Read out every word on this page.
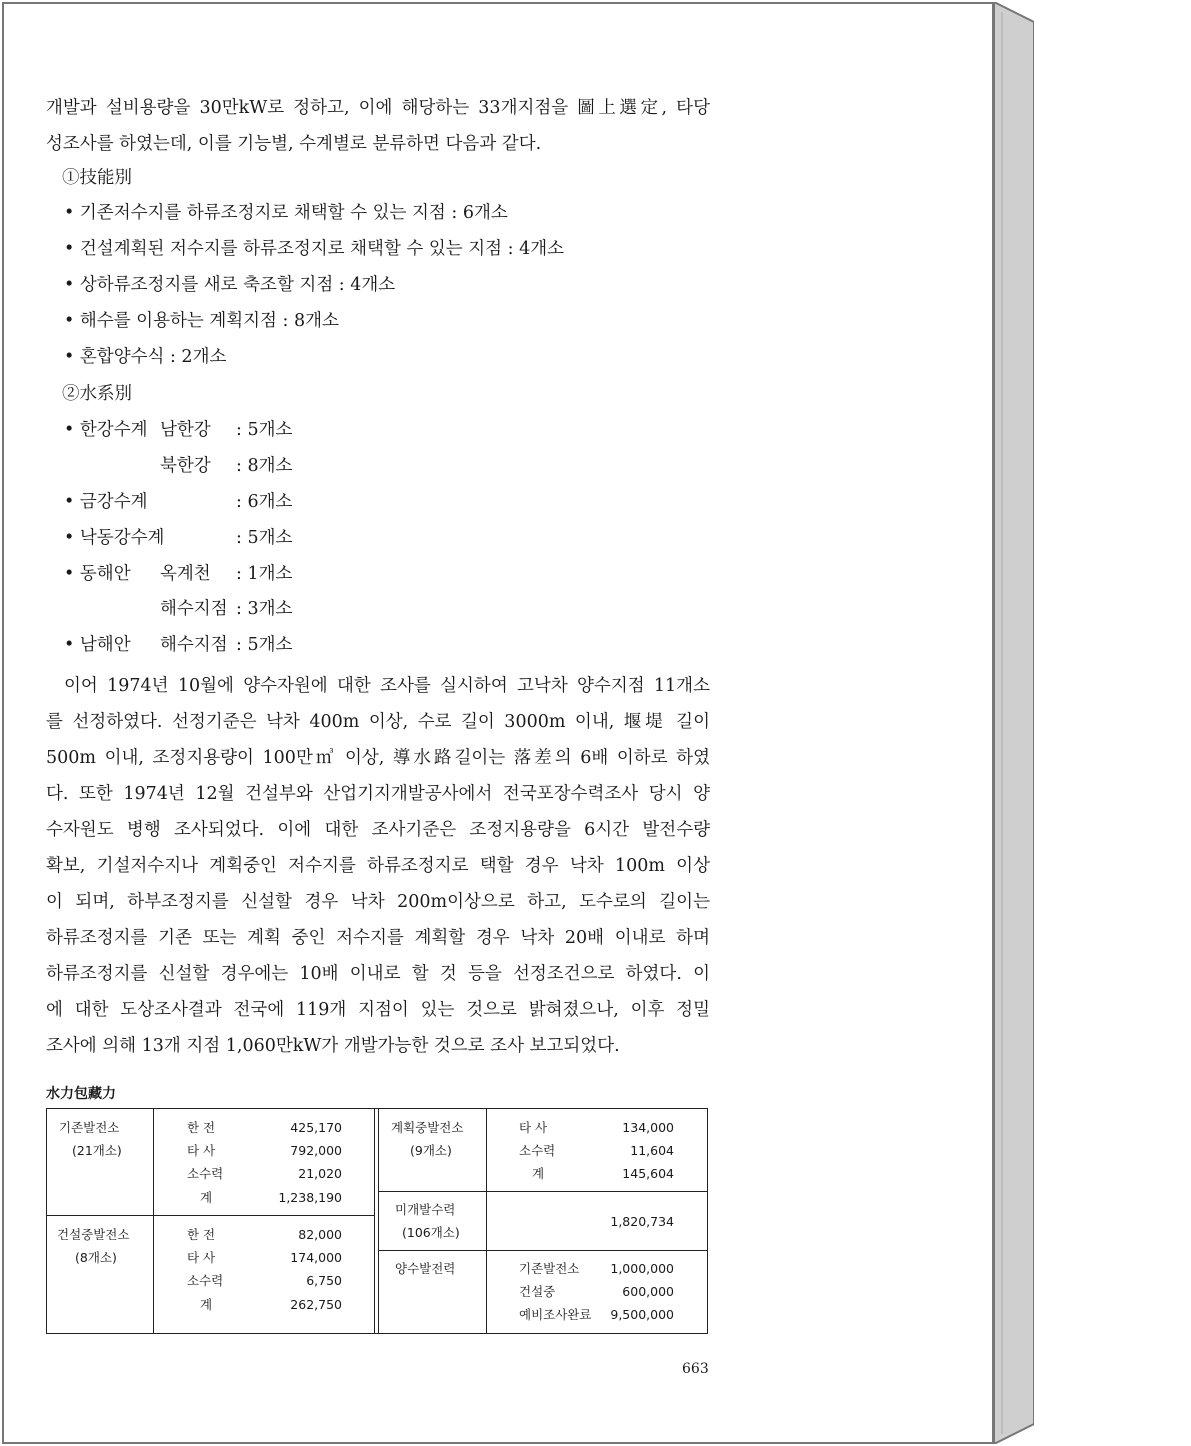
개발과 설비용량을 30만kW로 정하고, 이에 해당하는 33개지점을 圖上選定, 타당
성조사를 하였는데, 이를 기능별, 수계별로 분류하면 다음과 같다.
①技能別
• 기존저수지를 하류조정지로 채택할 수 있는 지점 : 6개소
• 건설계획된 저수지를 하류조정지로 채택할 수 있는 지점 : 4개소
• 상하류조정지를 새로 축조할 지점 : 4개소
• 해수를 이용하는 계획지점 : 8개소
• 혼합양수식 : 2개소
②水系別
• 한강수계 남한강 : 5개소
북한강 : 8개소
• 금강수계	: 6개소
• 낙동강수계	: 5개소
• 동해안 옥계천 : 1개소
해수지점 : 3개소
• 남해안 해수지점 : 5개소
이어 1974년 10월에 양수자원에 대한 조사를 실시하여 고낙차 양수지점 11개소
를 선정하였다. 선정기준은 낙차 400m 이상, 수로 길이 3000m 이내, 堰堤 길이
500m 이내, 조정지용량이 100만㎥ 이상, 導水路길이는 落差의 6배 이하로 하였
다. 또한 1974년 12월 건설부와 산업기지개발공사에서 전국포장수력조사 당시 양
수자원도 병행 조사되었다. 이에 대한 조사기준은 조정지용량을 6시간 발전수량
확보, 기설저수지나 계획중인 저수지를 하류조정지로 택할 경우 낙차 100m 이상
이 되며, 하부조정지를 신설할 경우 낙차 200m이상으로 하고, 도수로의 길이는
하류조정지를 기존 또는 계획 중인 저수지를 계획할 경우 낙차 20배 이내로 하며
하류조정지를 신설할 경우에는 10배 이내로 할 것 등을 선정조건으로 하였다. 이
에 대한 도상조사결과 전국에 119개 지점이 있는 것으로 밝혀졌으나, 이후 정밀
조사에 의해 13개 지점 1,060만kW가 개발가능한 것으로 조사 보고되었다.
水力包藏力
기존발전소
(21개소)
한 전	425,170
타 사	792,000
소수력	21,020
계	1,238,190
건설중발전소
(8개소)
한 전	82,000
타 사	174,000
소수력	6,750
계	262,750
계획중발전소
(9개소)
타 사	134,000
소수력	11,604
계	145,604
미개발수력
(106개소)
1,820,734
양수발전력	기존발전소	1,000,000
건설중	600,000
예비조사완료	9,500,000
663
